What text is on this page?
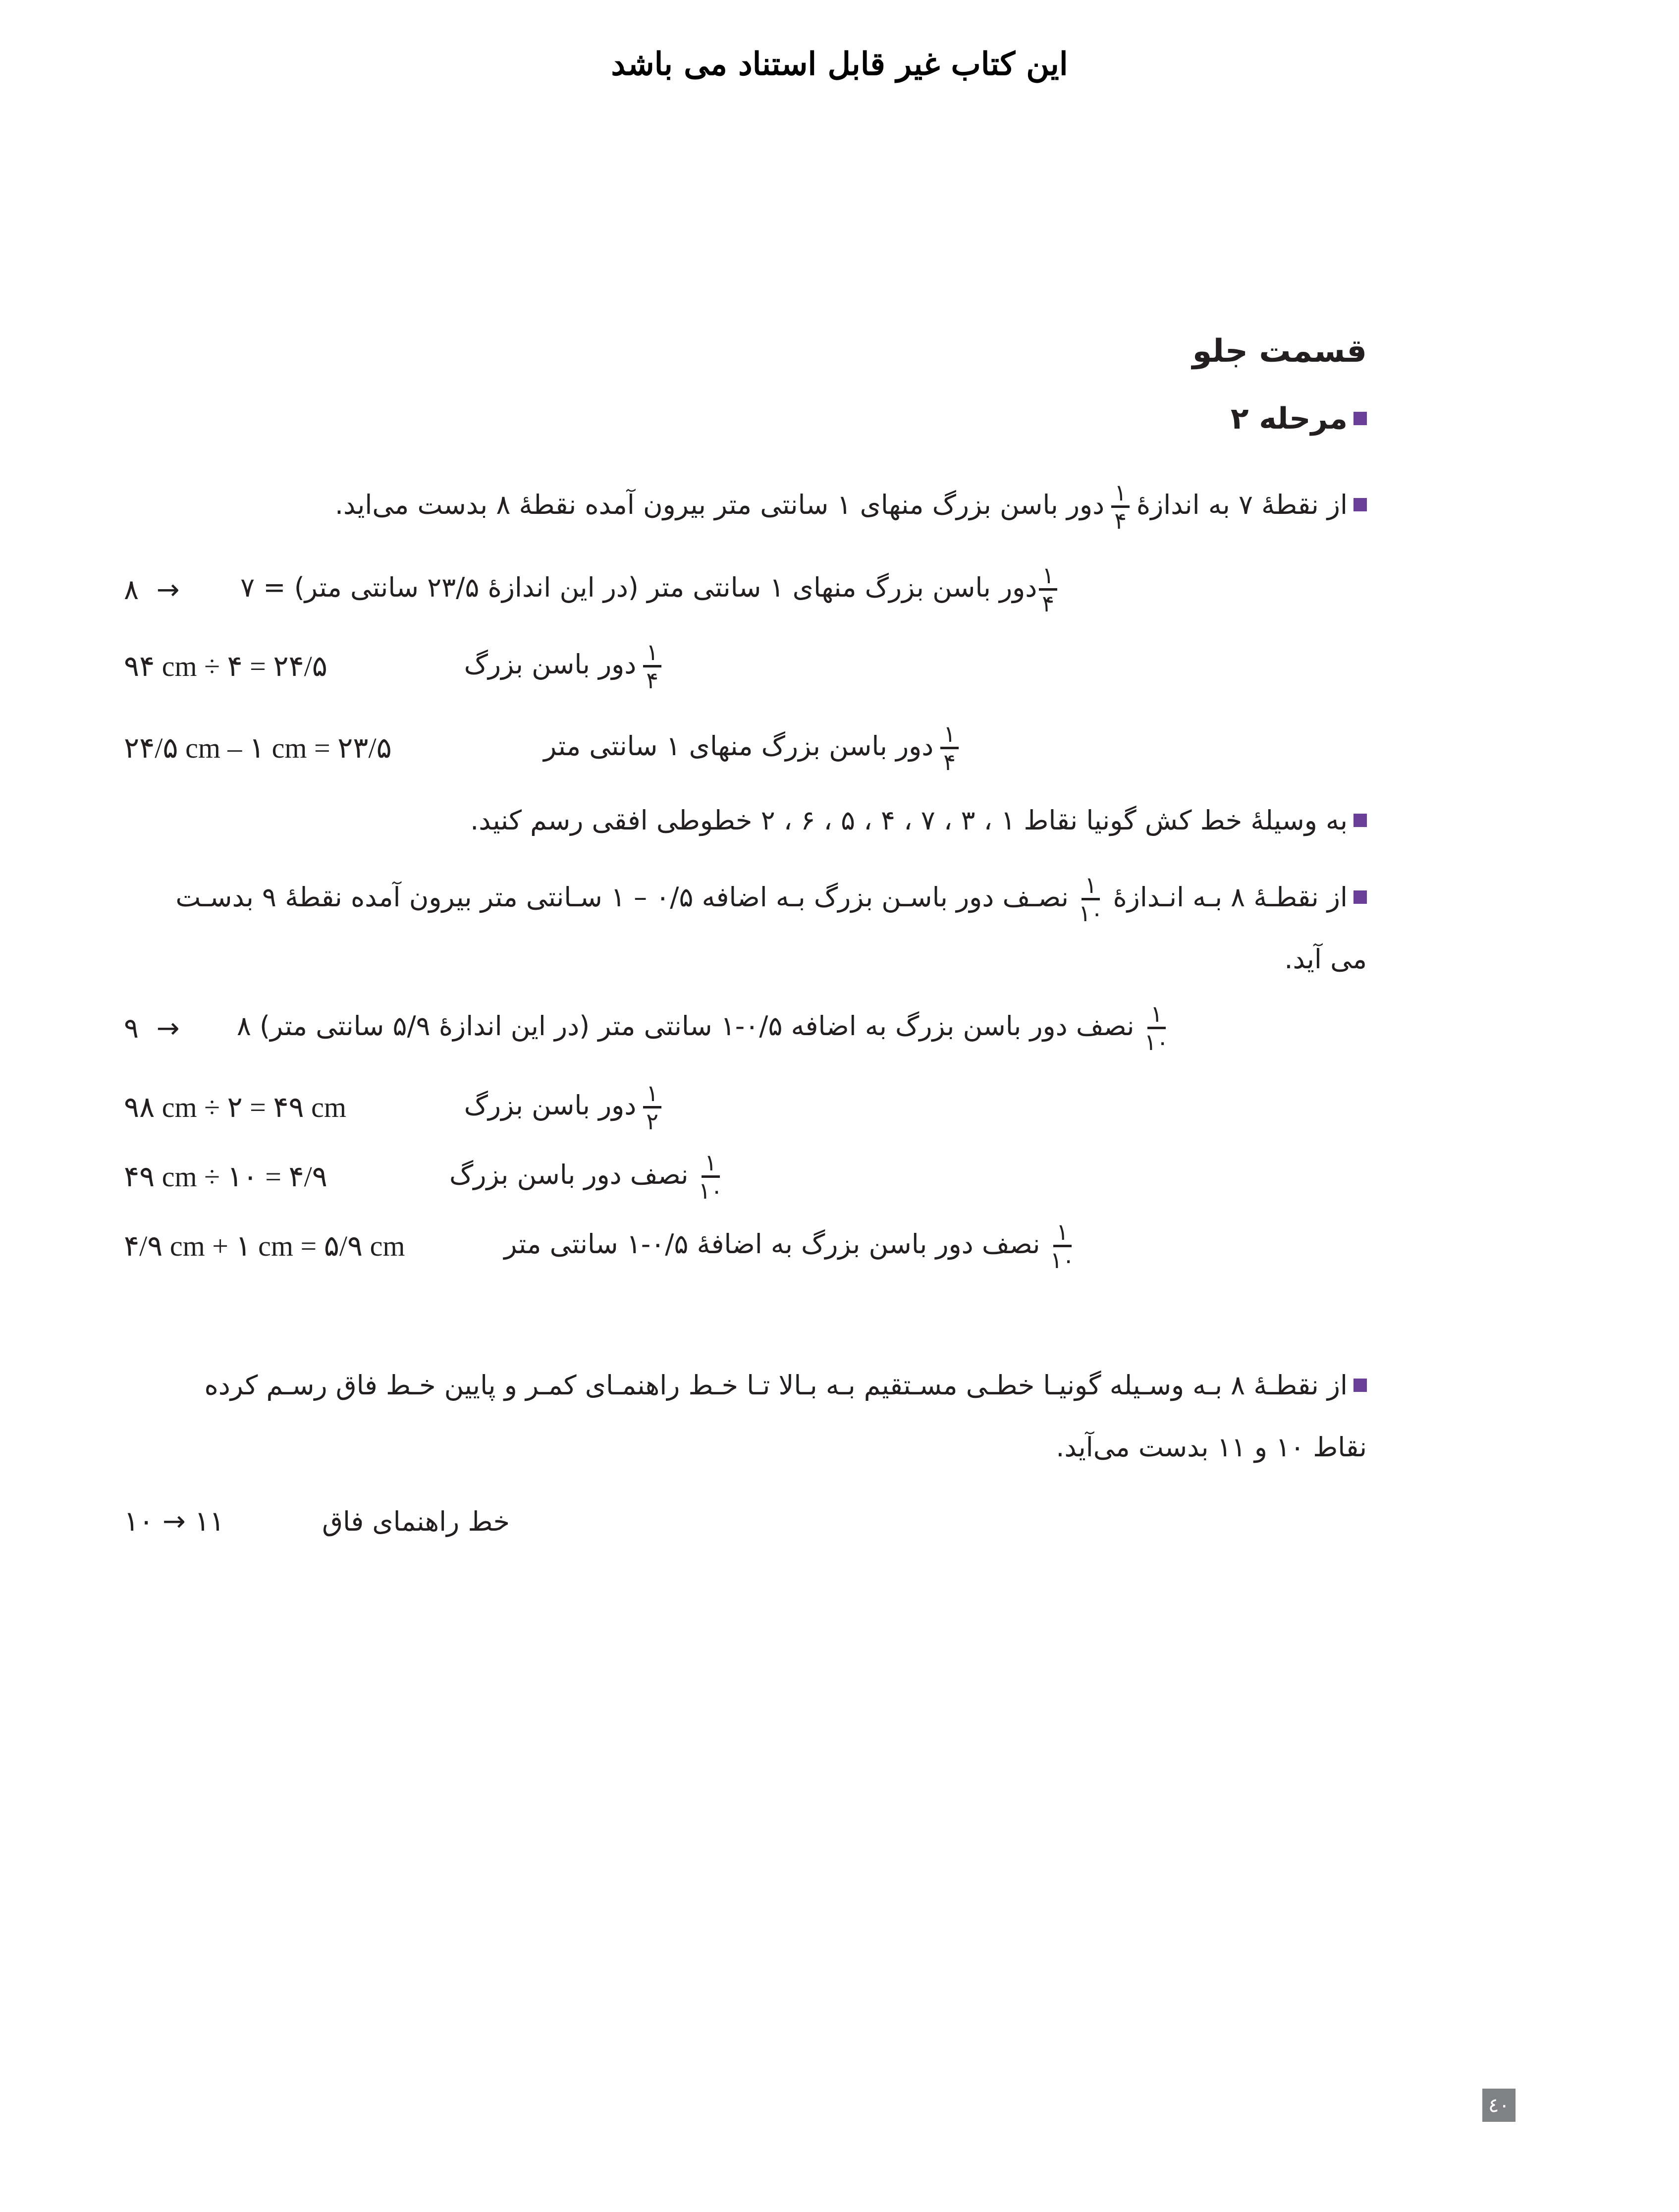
این کتاب غیر قابل استناد می باشد
قسمت جلو
مرحله ۲
از نقطهٔ ۷ به اندازهٔ
$\frac{۱}{۴}$
دور باسن بزرگ منهای ۱ سانتی متر بیرون آمده نقطهٔ ۸ بدست می‌اید.
$\frac{۱}{۴}$
دور باسن بزرگ منهای ۱ سانتی متر (در این اندازهٔ ۲۳/۵ سانتی متر) = ۷
۸ →
$\frac{۱}{۴}$
دور باسن بزرگ
۹۴ cm ÷ ۴ = ۲۴/۵
$\frac{۱}{۴}$
دور باسن بزرگ منهای ۱ سانتی متر
۲۴/۵ cm – ۱ cm = ۲۳/۵
به وسیلهٔ خط کش گونیا نقاط ۱ ، ۳ ، ۷ ، ۴ ، ۵ ، ۶ ، ۲ خطوطی افقی رسم کنید.
از نقطـهٔ ۸ بـه انـدازهٔ
$\frac{۱}{۱۰}$
نصـف دور باسـن بزرگ بـه اضافه ۰/۵ – ۱ سـانتی متر بیرون آمده نقطهٔ ۹ بدسـت
می آید.
$\frac{۱}{۱۰}$
نصف دور باسن بزرگ به اضافه ۰/۵-۱ سانتی متر (در این اندازهٔ ۵/۹ سانتی متر) ۸
۹ →
$\frac{۱}{۲}$
دور باسن بزرگ
۹۸ cm ÷ ۲ = ۴۹ cm
$\frac{۱}{۱۰}$
نصف دور باسن بزرگ
۴۹ cm ÷ ۱۰ = ۴/۹
$\frac{۱}{۱۰}$
نصف دور باسن بزرگ به اضافهٔ ۰/۵-۱ سانتی متر
۴/۹ cm + ۱ cm = ۵/۹ cm
از نقطـهٔ ۸ بـه وسـیله گونیـا خطـی مسـتقیم بـه بـالا تـا خـط راهنمـای کمـر و پایین خـط فاق رسـم کرده
نقاط ۱۰ و ۱۱ بدست می‌آید.
خط راهنمای فاق
۱۱ → ۱۰
٤٠
